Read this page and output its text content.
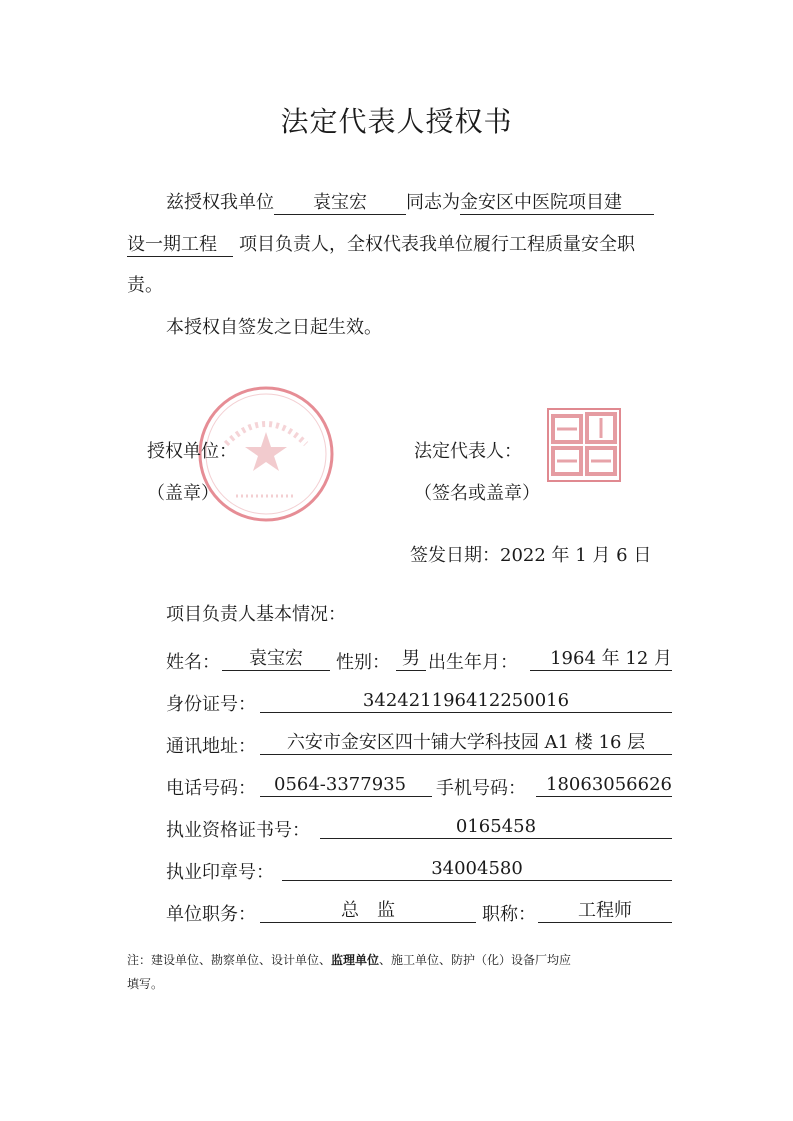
法定代表人授权书
兹授权我单位 袁宝宏 同志为金安区中医院项目建
设一期工程 项目负责人，全权代表我单位履行工程质量安全职
责。
本授权自签发之日起生效。
授权单位：
（盖章）
法定代表人：
（签名或盖章）
签发日期：2022 年 1 月 6 日
项目负责人基本情况：
姓名：	袁宝宏	性别： 男 出生年月：	1964 年 12 月
身份证号：	342421196412250016
通讯地址：	六安市金安区四十铺大学科技园 A1 楼 16 层
电话号码：	0564-3377935	手机号码：	18063056626
执业资格证书号：	0165458
执业印章号：	34004580
单位职务：	总　监	职称：	工程师
注：建设单位、勘察单位、设计单位、监理单位、施工单位、防护（化）设备厂均应
填写。
